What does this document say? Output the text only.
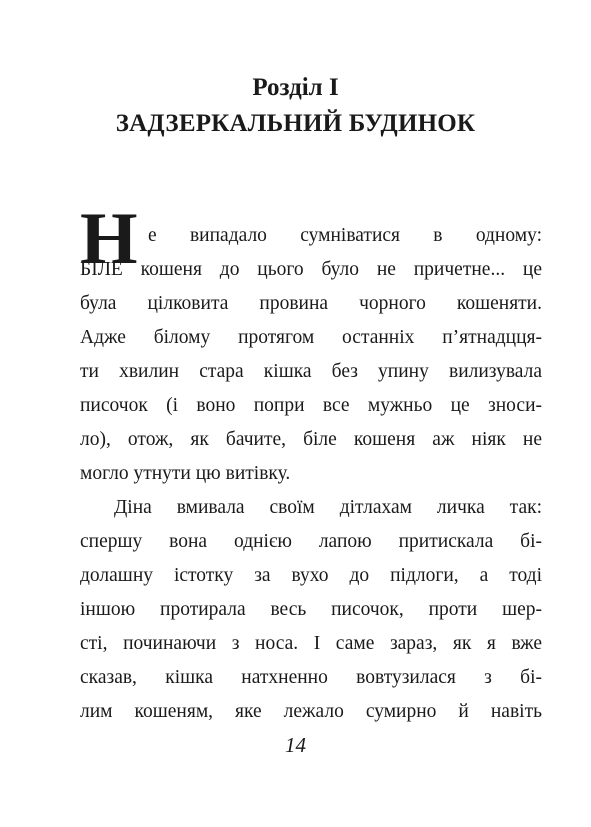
Розділ I
ЗАДЗЕРКАЛЬНИЙ БУДИНОК
Н е випадало сумніватися в одному:
БІЛЕ кошеня до цього було не причетне... це
була цілковита провина чорного кошеняти.
Адже білому протягом останніх п’ятнадцця-
ти хвилин стара кішка без упину вилизувала
писочок (і воно попри все мужньо це зноси-
ло), отож, як бачите, біле кошеня аж ніяк не
могло утнути цю витівку.
Діна вмивала своїм дітлахам личка так:
спершу вона однією лапою притискала бі-
долашну істотку за вухо до підлоги, а тоді
іншою протирала весь писочок, проти шер-
сті, починаючи з носа. І саме зараз, як я вже
сказав, кішка натхненно вовтузилася з бі-
лим кошеням, яке лежало сумирно й навіть
14
